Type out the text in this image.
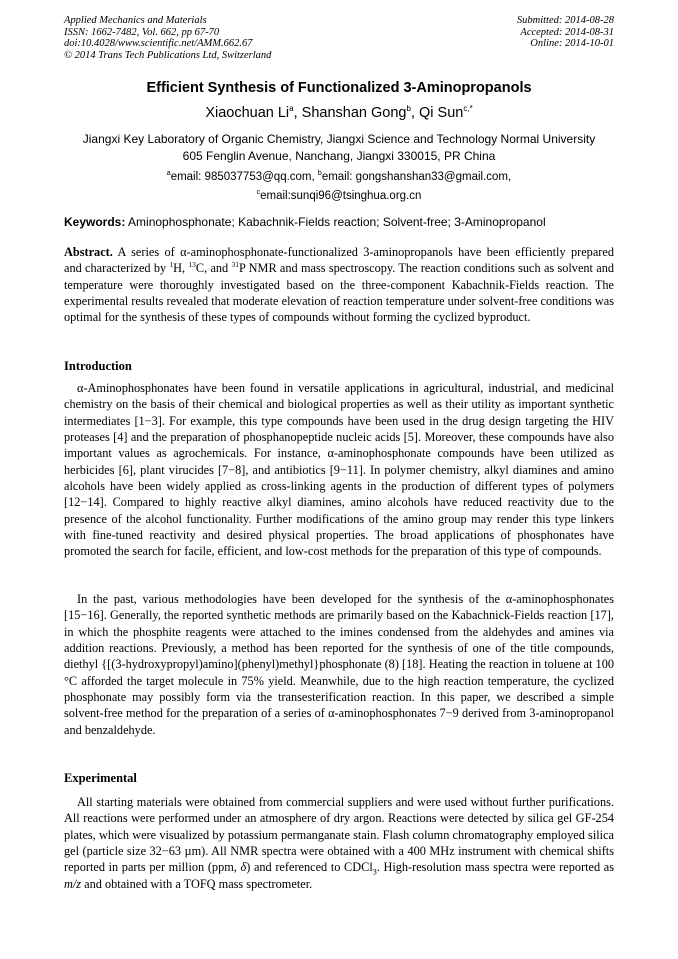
Applied Mechanics and Materials
ISSN: 1662-7482, Vol. 662, pp 67-70
doi:10.4028/www.scientific.net/AMM.662.67
© 2014 Trans Tech Publications Ltd, Switzerland
Submitted: 2014-08-28
Accepted: 2014-08-31
Online: 2014-10-01
Efficient Synthesis of Functionalized 3-Aminopropanols
Xiaochuan Li$^a$, Shanshan Gong$^b$, Qi Sun$^{c,*}$
Jiangxi Key Laboratory of Organic Chemistry, Jiangxi Science and Technology Normal University
605 Fenglin Avenue, Nanchang, Jiangxi 330015, PR China
$^a$email: 985037753@qq.com, $^b$email: gongshanshan33@gmail.com,
$^c$email:sunqi96@tsinghua.org.cn
Keywords: Aminophosphonate; Kabachnik-Fields reaction; Solvent-free; 3-Aminopropanol
Abstract. A series of α-aminophosphonate-functionalized 3-aminopropanols have been efficiently prepared and characterized by $^1$H, $^{13}$C, and $^{31}$P NMR and mass spectroscopy. The reaction conditions such as solvent and temperature were thoroughly investigated based on the three-component Kabachnik-Fields reaction. The experimental results revealed that moderate elevation of reaction temperature under solvent-free conditions was optimal for the synthesis of these types of compounds without forming the cyclized byproduct.
Introduction
α-Aminophosphonates have been found in versatile applications in agricultural, industrial, and medicinal chemistry on the basis of their chemical and biological properties as well as their utility as important synthetic intermediates [1−3]. For example, this type compounds have been used in the drug design targeting the HIV proteases [4] and the preparation of phosphanopeptide nucleic acids [5]. Moreover, these compounds have also important values as agrochemicals. For instance, α-aminophosphonate compounds have been utilized as herbicides [6], plant virucides [7−8], and antibiotics [9−11]. In polymer chemistry, alkyl diamines and amino alcohols have been widely applied as cross-linking agents in the production of different types of polymers [12−14]. Compared to highly reactive alkyl diamines, amino alcohols have reduced reactivity due to the presence of the alcohol functionality. Further modifications of the amino group may render this type linkers with fine-tuned reactivity and desired physical properties. The broad applications of phosphonates have promoted the search for facile, efficient, and low-cost methods for the preparation of this type of compounds.
In the past, various methodologies have been developed for the synthesis of the α-aminophosphonates [15−16]. Generally, the reported synthetic methods are primarily based on the Kabachnick-Fields reaction [17], in which the phosphite reagents were attached to the imines condensed from the aldehydes and amines via addition reactions. Previously, a method has been reported for the synthesis of one of the title compounds, diethyl {[(3-hydroxypropyl)amino](phenyl)methyl}phosphonate (8) [18]. Heating the reaction in toluene at 100 °C afforded the target molecule in 75% yield. Meanwhile, due to the high reaction temperature, the cyclized phosphonate may possibly form via the transesterification reaction. In this paper, we described a simple solvent-free method for the preparation of a series of α-aminophosphonates 7−9 derived from 3-aminopropanol and benzaldehyde.
Experimental
All starting materials were obtained from commercial suppliers and were used without further purifications. All reactions were performed under an atmosphere of dry argon. Reactions were detected by silica gel GF-254 plates, which were visualized by potassium permanganate stain. Flash column chromatography employed silica gel (particle size 32−63 µm). All NMR spectra were obtained with a 400 MHz instrument with chemical shifts reported in parts per million (ppm, δ) and referenced to CDCl$_3$. High-resolution mass spectra were reported as m/z and obtained with a TOFQ mass spectrometer.
